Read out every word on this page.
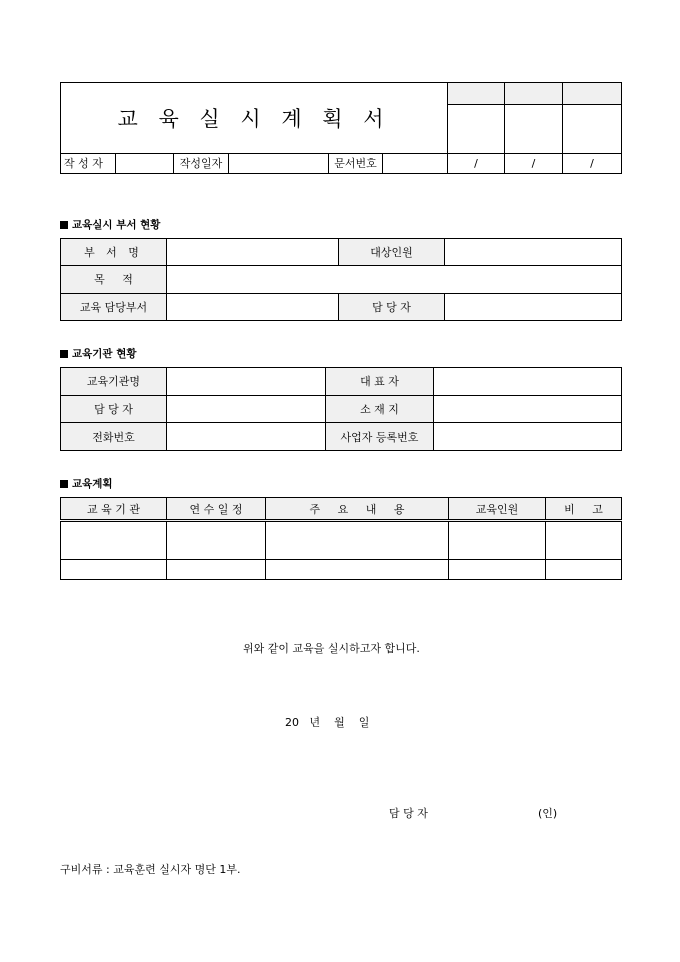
교 육 실 시 계 획 서								

작 성 자		작성일자		문서번호		/	/	/
교육실시 부서 현황
부 서 명		대상인원	
목     적			
교육 담당부서		담 당 자	
교육기관 현황
교육기관명		대 표 자	
담 당 자		소 재 지	
전화번호		사업자 등록번호	
교육계획
교 육 기 관	연 수 일 정	주     요     내     용	교육인원	비     고

위와 같이 교육을 실시하고자 합니다.
20   년    월    일
담 당 자	(인)
구비서류 : 교육훈련 실시자 명단 1부.
